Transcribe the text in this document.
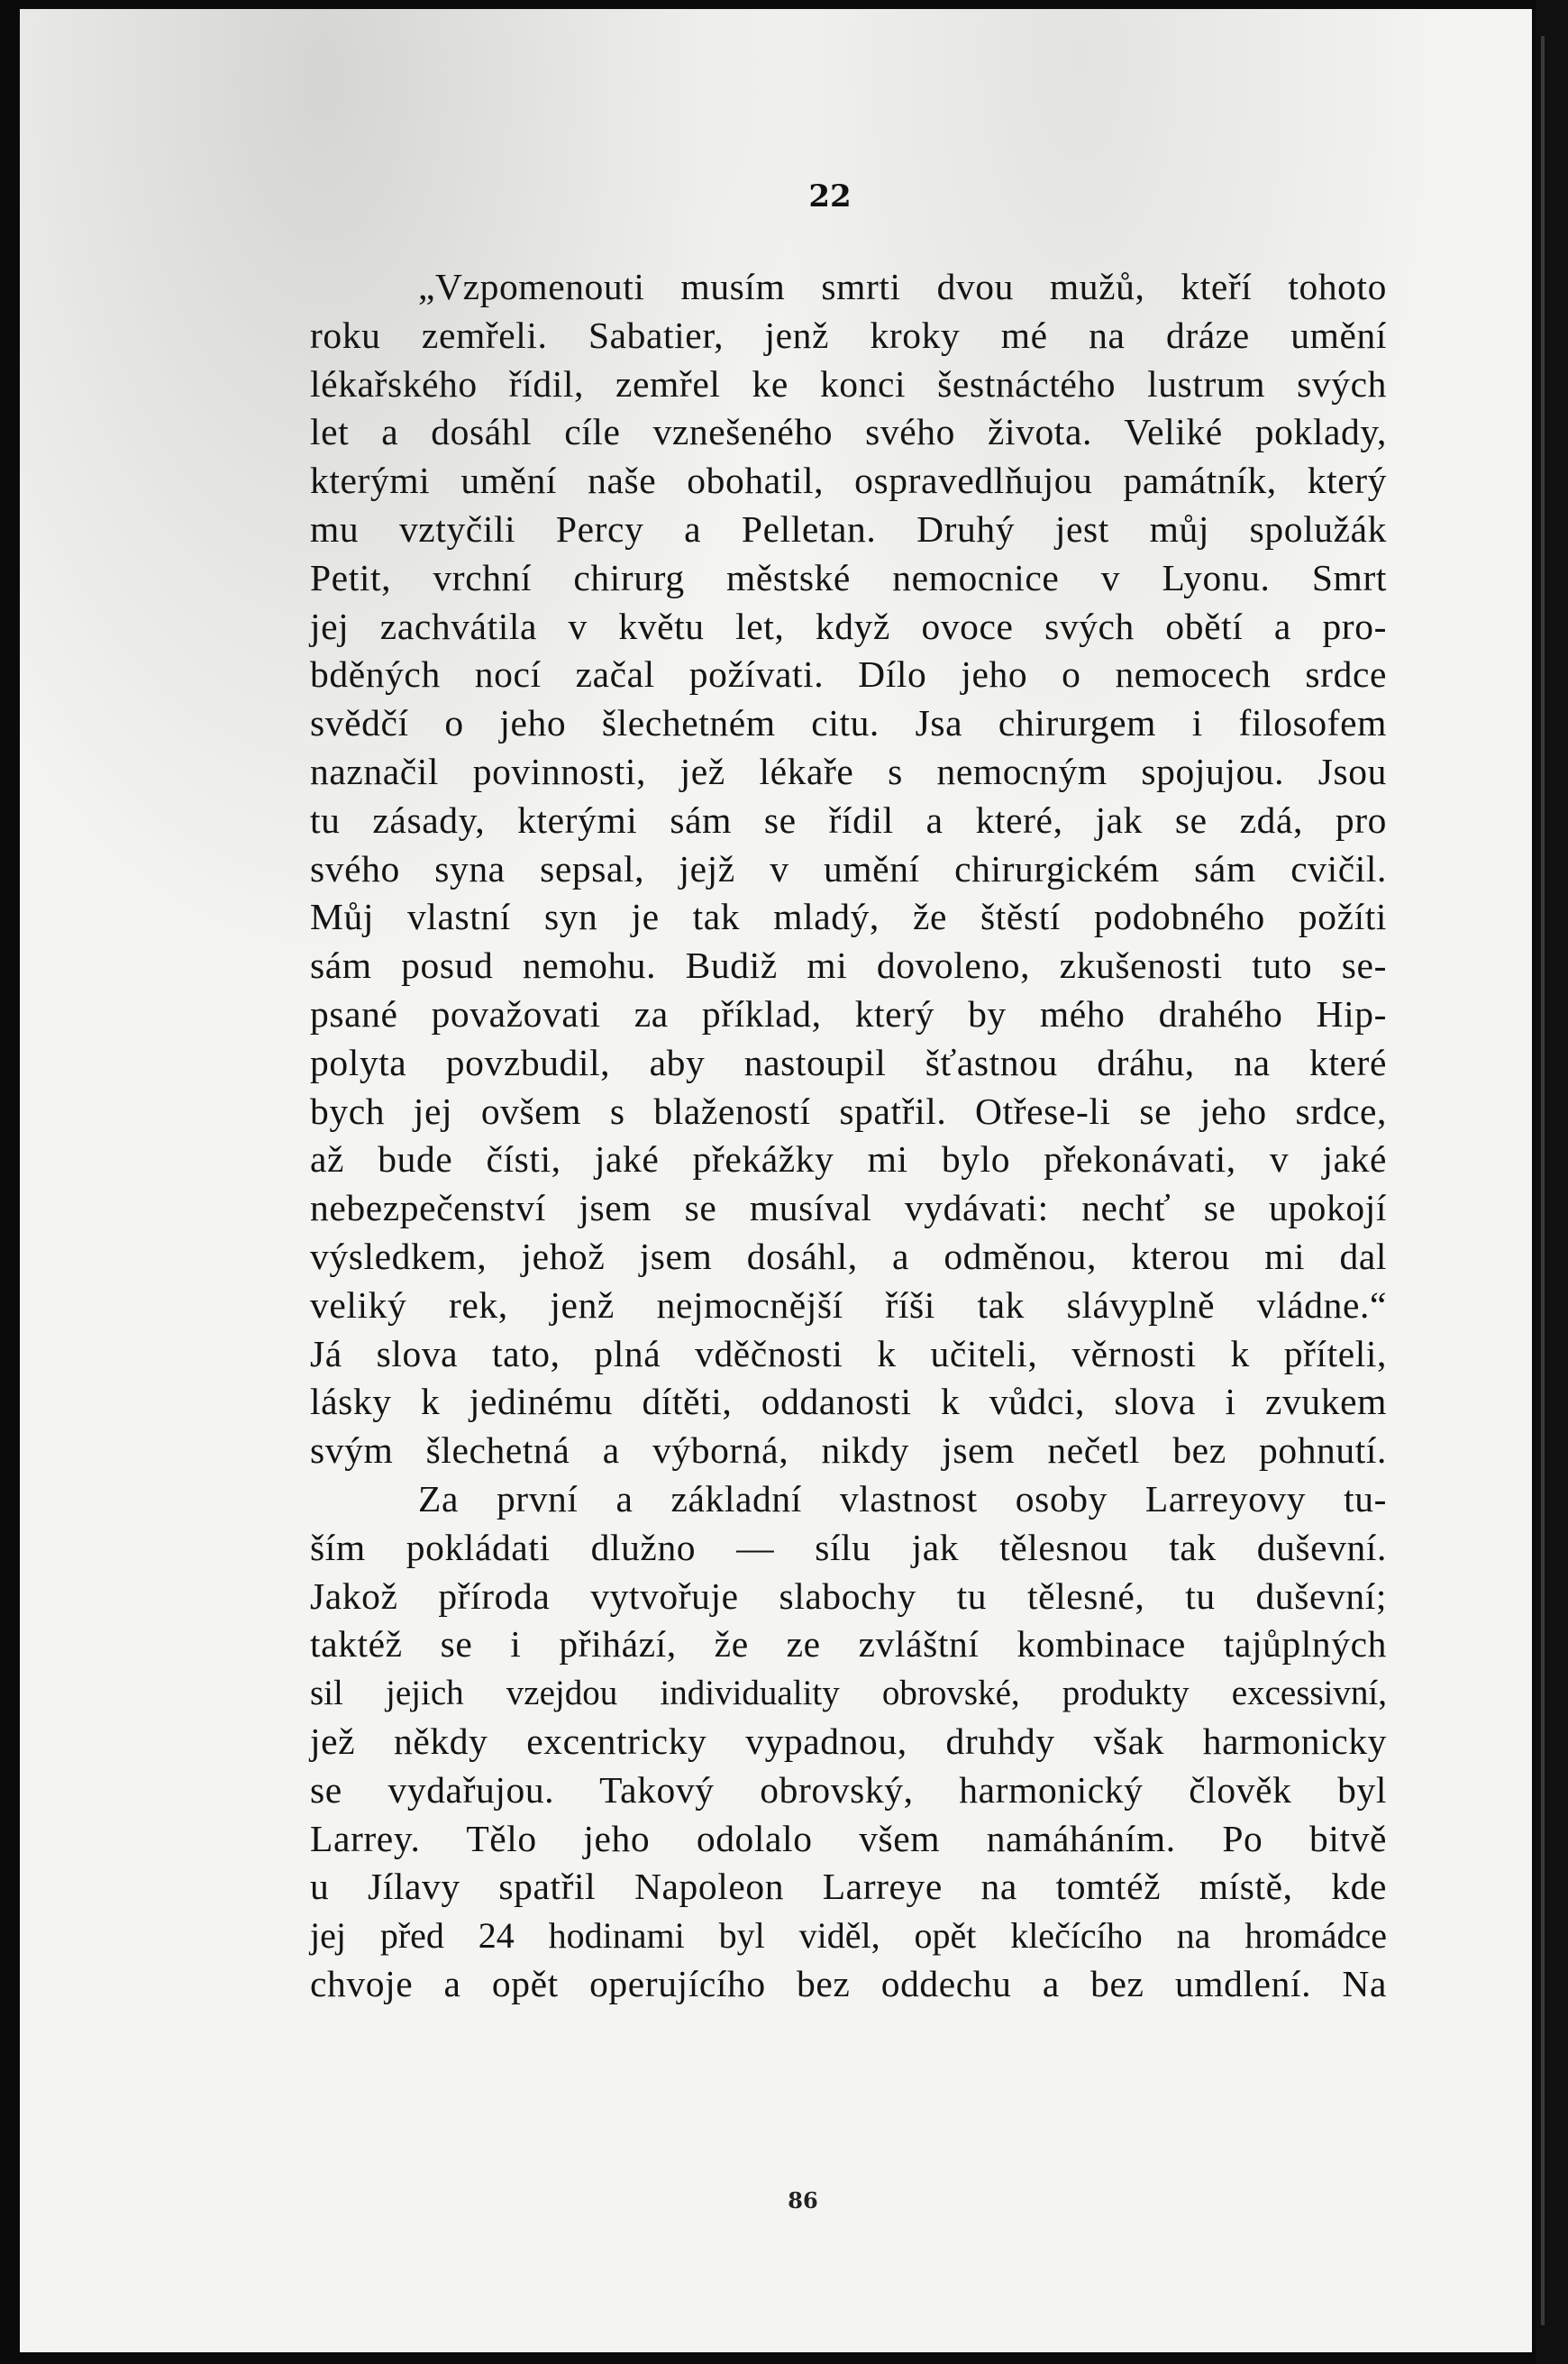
22
„Vzpomenouti musím smrti dvou mužů, kteří tohoto
roku zemřeli. Sabatier, jenž kroky mé na dráze umění
lékařského řídil, zemřel ke konci šestnáctého lustrum svých
let a dosáhl cíle vznešeného svého života. Veliké poklady,
kterými umění naše obohatil, ospravedlňujou památník, který
mu vztyčili Percy a Pelletan. Druhý jest můj spolužák
Petit, vrchní chirurg městské nemocnice v Lyonu. Smrt
jej zachvátila v květu let, když ovoce svých obětí a pro-
bděných nocí začal požívati. Dílo jeho o nemocech srdce
svědčí o jeho šlechetném citu. Jsa chirurgem i filosofem
naznačil povinnosti, jež lékaře s nemocným spojujou. Jsou
tu zásady, kterými sám se řídil a které, jak se zdá, pro
svého syna sepsal, jejž v umění chirurgickém sám cvičil.
Můj vlastní syn je tak mladý, že štěstí podobného požíti
sám posud nemohu. Budiž mi dovoleno, zkušenosti tuto se-
psané považovati za příklad, který by mého drahého Hip-
polyta povzbudil, aby nastoupil šťastnou dráhu, na které
bych jej ovšem s blažeností spatřil. Otřese-li se jeho srdce,
až bude čísti, jaké překážky mi bylo překonávati, v jaké
nebezpečenství jsem se musíval vydávati: nechť se upokojí
výsledkem, jehož jsem dosáhl, a odměnou, kterou mi dal
veliký rek, jenž nejmocnější říši tak slávyplně vládne.“
Já slova tato, plná vděčnosti k učiteli, věrnosti k příteli,
lásky k jedinému dítěti, oddanosti k vůdci, slova i zvukem
svým šlechetná a výborná, nikdy jsem nečetl bez pohnutí.
Za první a základní vlastnost osoby Larreyovy tu-
ším pokládati dlužno — sílu jak tělesnou tak duševní.
Jakož příroda vytvořuje slabochy tu tělesné, tu duševní;
taktéž se i přihází, že ze zvláštní kombinace tajůplných
sil jejich vzejdou individuality obrovské, produkty excessivní,
jež někdy excentricky vypadnou, druhdy však harmonicky
se vydařujou. Takový obrovský, harmonický člověk byl
Larrey. Tělo jeho odolalo všem namáháním. Po bitvě
u Jílavy spatřil Napoleon Larreye na tomtéž místě, kde
jej před 24 hodinami byl viděl, opět klečícího na hromádce
chvoje a opět operujícího bez oddechu a bez umdlení. Na
86
